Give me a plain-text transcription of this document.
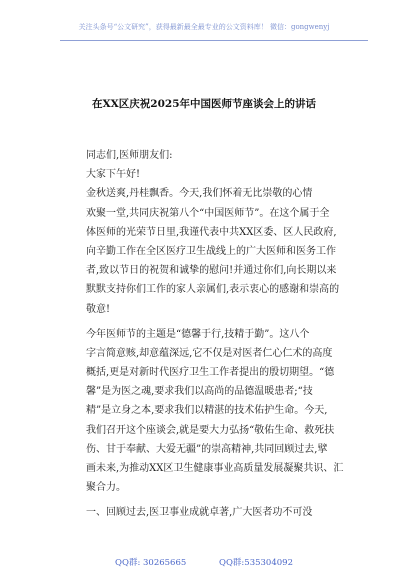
关注头条号“公文研究”，获得最新最全最专业的公文资料库！ 微信：gongwenyj
在XX区庆祝2025年中国医师节座谈会上的讲话
同志们,医师朋友们:
大家下午好!
金秋送爽,丹桂飘香。今天,我们怀着无比崇敬的心情
欢聚一堂,共同庆祝第八个“中国医师节”。在这个属于全
体医师的光荣节日里,我谨代表中共XX区委、区人民政府,
向辛勤工作在全区医疗卫生战线上的广大医师和医务工作
者,致以节日的祝贺和诚挚的慰问!并通过你们,向长期以来
默默支持你们工作的家人亲属们,表示衷心的感谢和崇高的
敬意!
今年医师节的主题是“德馨于行,技精于勤”。这八个
字言简意赅,却意蕴深远,它不仅是对医者仁心仁术的高度
概括,更是对新时代医疗卫生工作者提出的殷切期望。“德
馨”是为医之魂,要求我们以高尚的品德温暖患者;“技
精”是立身之本,要求我们以精湛的技术佑护生命。今天,
我们召开这个座谈会,就是要大力弘扬“敬佑生命、救死扶
伤、甘于奉献、大爱无疆”的崇高精神,共同回顾过去,擘
画未来,为推动XX区卫生健康事业高质量发展凝聚共识、汇
聚合力。
一、回顾过去,医卫事业成就卓著,广大医者功不可没
QQ群: 30265665	QQ群:535304092
